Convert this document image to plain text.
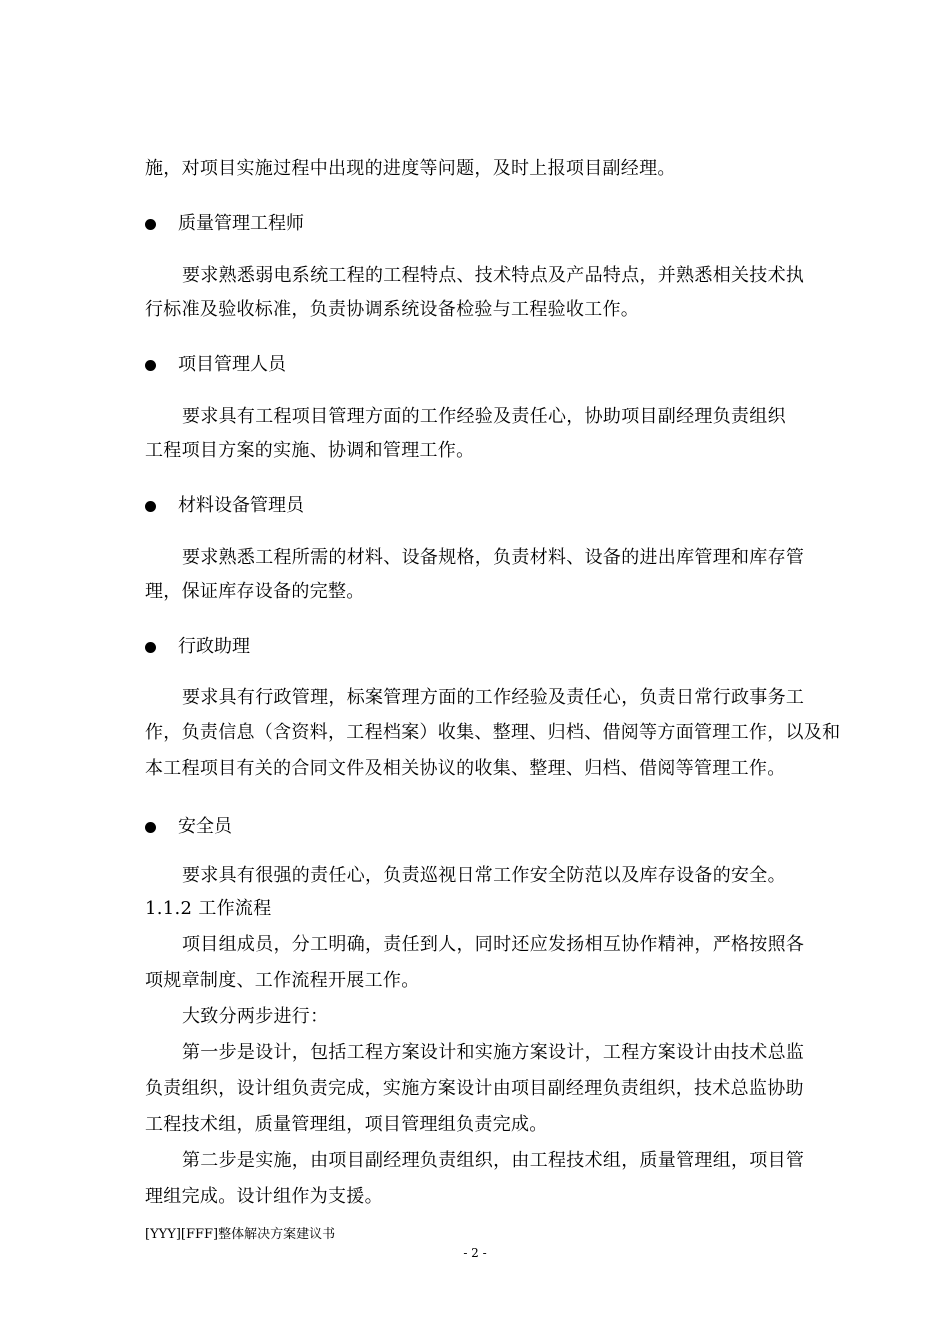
施，对项目实施过程中出现的进度等问题，及时上报项目副经理。
质量管理工程师
要求熟悉弱电系统工程的工程特点、技术特点及产品特点，并熟悉相关技术执
行标准及验收标准，负责协调系统设备检验与工程验收工作。
项目管理人员
要求具有工程项目管理方面的工作经验及责任心，协助项目副经理负责组织
工程项目方案的实施、协调和管理工作。
材料设备管理员
要求熟悉工程所需的材料、设备规格，负责材料、设备的进出库管理和库存管
理，保证库存设备的完整。
行政助理
要求具有行政管理，标案管理方面的工作经验及责任心，负责日常行政事务工
作，负责信息（含资料，工程档案）收集、整理、归档、借阅等方面管理工作，以及和
本工程项目有关的合同文件及相关协议的收集、整理、归档、借阅等管理工作。
安全员
要求具有很强的责任心，负责巡视日常工作安全防范以及库存设备的安全。
1.1.2 工作流程
项目组成员，分工明确，责任到人，同时还应发扬相互协作精神，严格按照各
项规章制度、工作流程开展工作。
大致分两步进行：
第一步是设计，包括工程方案设计和实施方案设计，工程方案设计由技术总监
负责组织，设计组负责完成，实施方案设计由项目副经理负责组织，技术总监协助
工程技术组，质量管理组，项目管理组负责完成。
第二步是实施，由项目副经理负责组织，由工程技术组，质量管理组，项目管
理组完成。设计组作为支援。
[YYY][FFF]整体解决方案建议书
- 2 -
